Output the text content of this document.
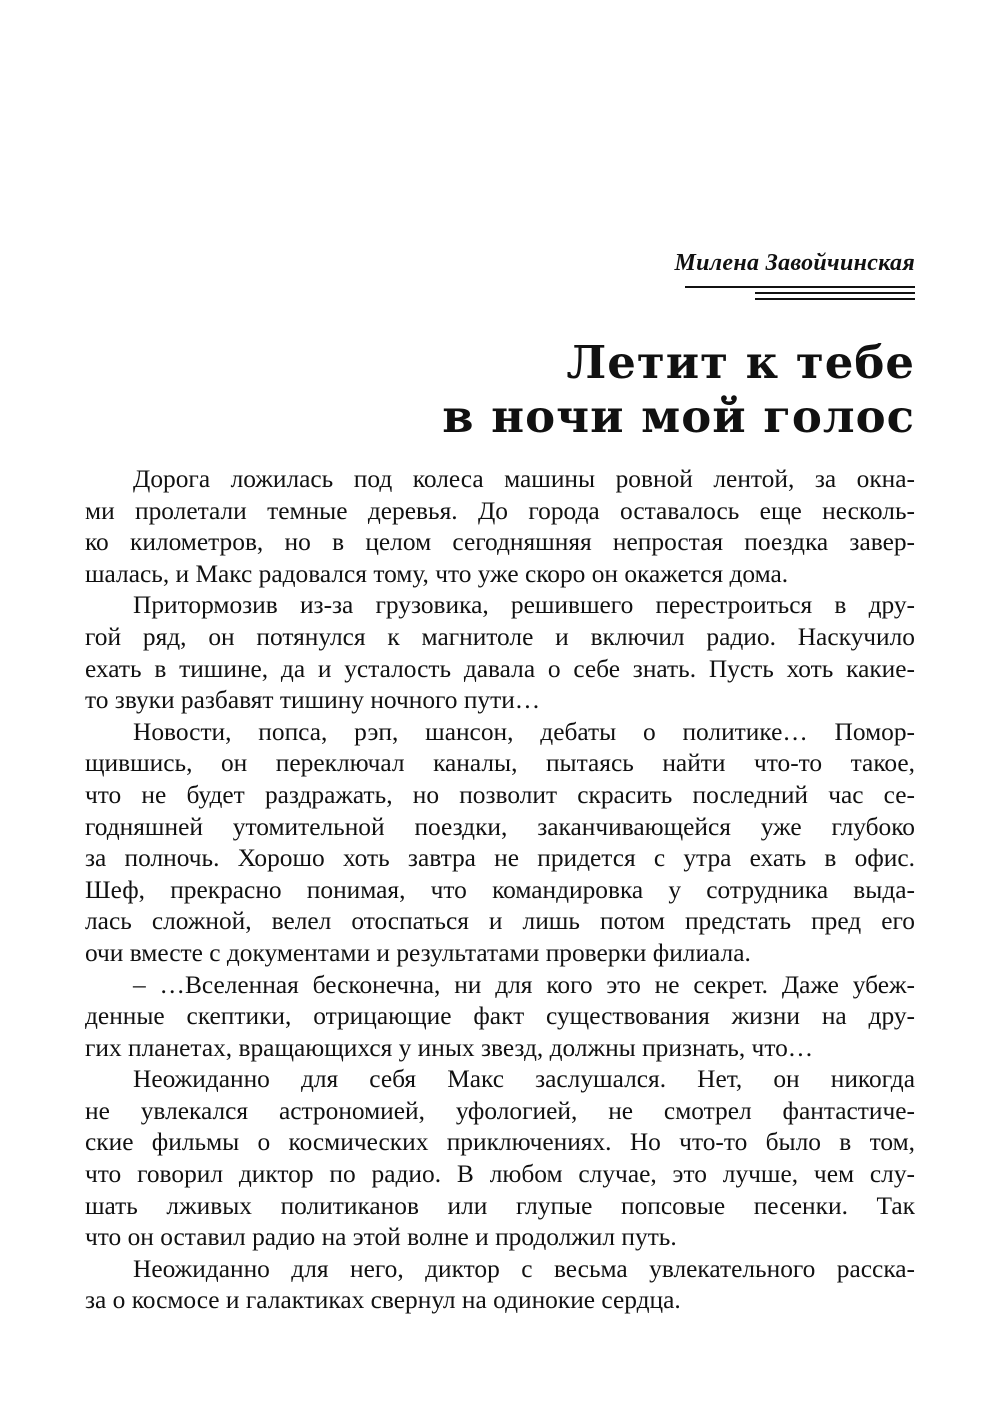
Милена Завойчинская
Летит к тебе
в ночи мой голос
Дорога ложилась под колеса машины ровной лентой, за окна-
ми пролетали темные деревья. До города оставалось еще несколь-
ко километров, но в целом сегодняшняя непростая поездка завер-
шалась, и Макс радовался тому, что уже скоро он окажется дома.
Притормозив из-за грузовика, решившего перестроиться в дру-
гой ряд, он потянулся к магнитоле и включил радио. Наскучило
ехать в тишине, да и усталость давала о себе знать. Пусть хоть какие-
то звуки разбавят тишину ночного пути…
Новости, попса, рэп, шансон, дебаты о политике… Помор-
щившись, он переключал каналы, пытаясь найти что-то такое,
что не будет раздражать, но позволит скрасить последний час се-
годняшней утомительной поездки, заканчивающейся уже глубоко
за полночь. Хорошо хоть завтра не придется с утра ехать в офис.
Шеф, прекрасно понимая, что командировка у сотрудника выда-
лась сложной, велел отоспаться и лишь потом предстать пред его
очи вместе с документами и результатами проверки филиала.
– …Вселенная бесконечна, ни для кого это не секрет. Даже убеж-
денные скептики, отрицающие факт существования жизни на дру-
гих планетах, вращающихся у иных звезд, должны признать, что…
Неожиданно для себя Макс заслушался. Нет, он никогда
не увлекался астрономией, уфологией, не смотрел фантастиче-
ские фильмы о космических приключениях. Но что-то было в том,
что говорил диктор по радио. В любом случае, это лучше, чем слу-
шать лживых политиканов или глупые попсовые песенки. Так
что он оставил радио на этой волне и продолжил путь.
Неожиданно для него, диктор с весьма увлекательного расска-
за о космосе и галактиках свернул на одинокие сердца.
